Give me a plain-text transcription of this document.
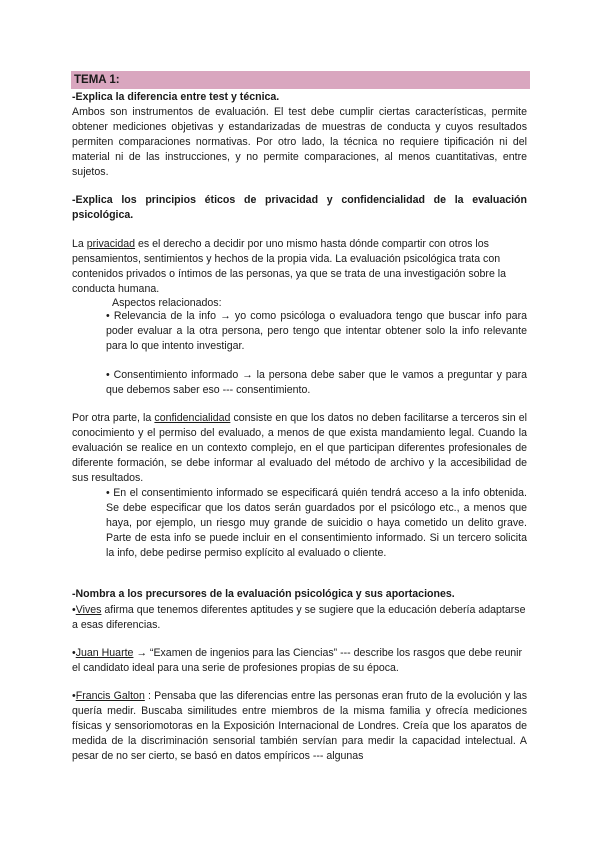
TEMA 1:
-Explica la diferencia entre test y técnica.
Ambos son instrumentos de evaluación. El test debe cumplir ciertas características, permite obtener mediciones objetivas y estandarizadas de muestras de conducta y cuyos resultados permiten comparaciones normativas. Por otro lado, la técnica no requiere tipificación ni del material ni de las instrucciones, y no permite comparaciones, al menos cuantitativas, entre sujetos.
-Explica los principios éticos de privacidad y confidencialidad de la evaluación psicológica.
La privacidad es el derecho a decidir por uno mismo hasta dónde compartir con otros los pensamientos, sentimientos y hechos de la propia vida. La evaluación psicológica trata con contenidos privados o íntimos de las personas, ya que se trata de una investigación sobre la conducta humana.
Aspectos relacionados:
• Relevancia de la info → yo como psicóloga o evaluadora tengo que buscar info para poder evaluar a la otra persona, pero tengo que intentar obtener solo la info relevante para lo que intento investigar.
• Consentimiento informado → la persona debe saber que le vamos a preguntar y para que debemos saber eso --- consentimiento.
Por otra parte, la confidencialidad consiste en que los datos no deben facilitarse a terceros sin el conocimiento y el permiso del evaluado, a menos de que exista mandamiento legal. Cuando la evaluación se realice en un contexto complejo, en el que participan diferentes profesionales de diferente formación, se debe informar al evaluado del método de archivo y la accesibilidad de sus resultados.
• En el consentimiento informado se especificará quién tendrá acceso a la info obtenida. Se debe especificar que los datos serán guardados por el psicólogo etc., a menos que haya, por ejemplo, un riesgo muy grande de suicidio o haya cometido un delito grave. Parte de esta info se puede incluir en el consentimiento informado. Si un tercero solicita la info, debe pedirse permiso explícito al evaluado o cliente.
-Nombra a los precursores de la evaluación psicológica y sus aportaciones.
•Vives afirma que tenemos diferentes aptitudes y se sugiere que la educación debería adaptarse a esas diferencias.
•Juan Huarte → “Examen de ingenios para las Ciencias” --- describe los rasgos que debe reunir el candidato ideal para una serie de profesiones propias de su época.
•Francis Galton : Pensaba que las diferencias entre las personas eran fruto de la evolución y las quería medir. Buscaba similitudes entre miembros de la misma familia y ofrecía mediciones físicas y sensoriomotoras en la Exposición Internacional de Londres. Creía que los aparatos de medida de la discriminación sensorial también servían para medir la capacidad intelectual. A pesar de no ser cierto, se basó en datos empíricos --- algunas
